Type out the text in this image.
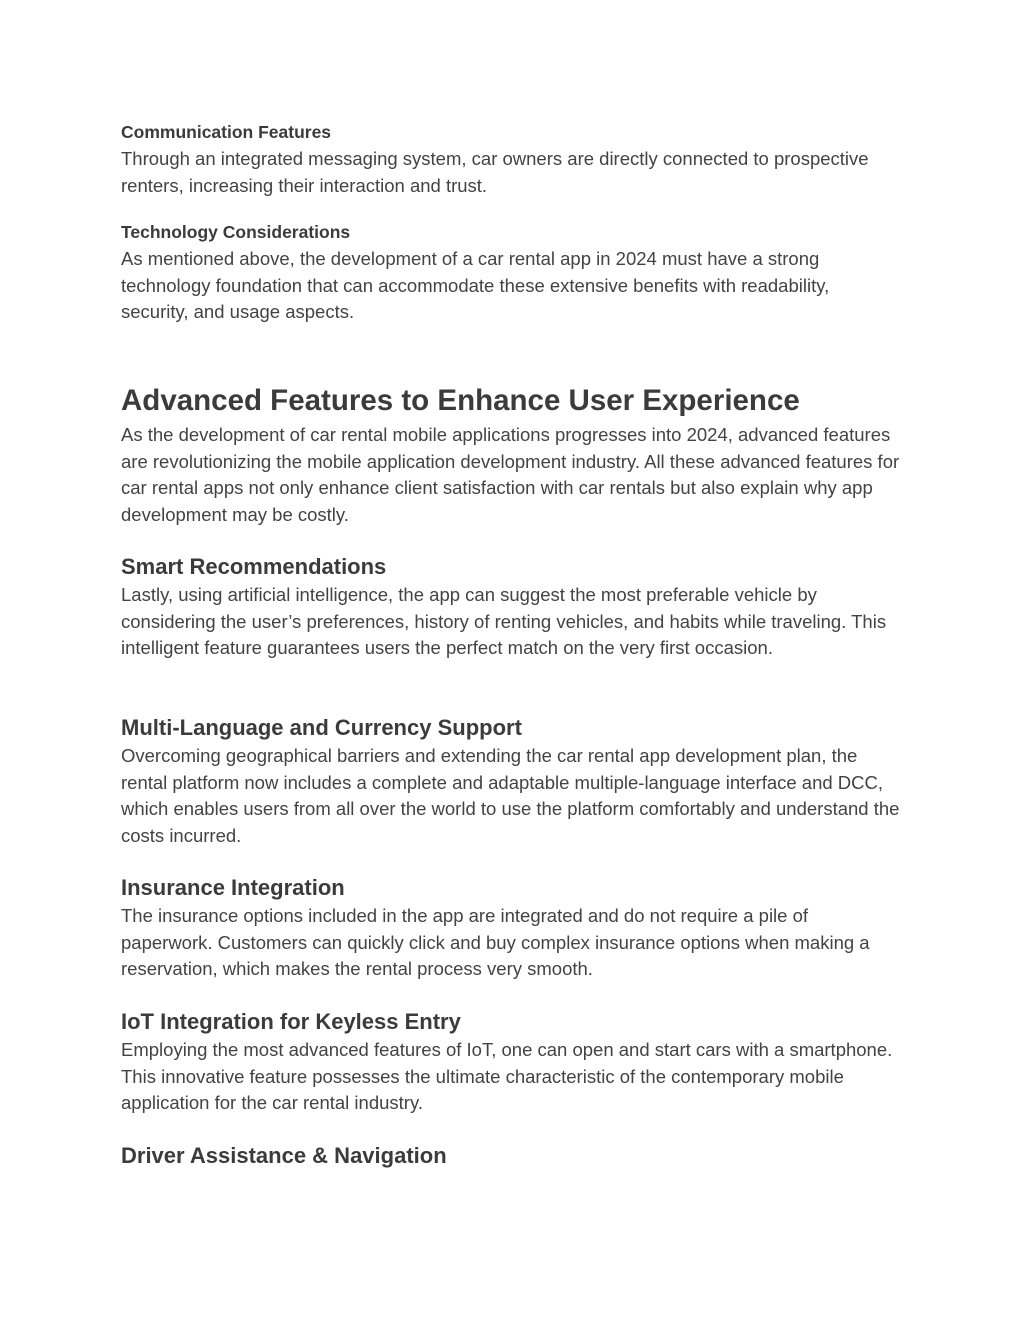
Communication Features
Through an integrated messaging system, car owners are directly connected to prospective renters, increasing their interaction and trust.
Technology Considerations
As mentioned above, the development of a car rental app in 2024 must have a strong technology foundation that can accommodate these extensive benefits with readability, security, and usage aspects.
Advanced Features to Enhance User Experience
As the development of car rental mobile applications progresses into 2024, advanced features are revolutionizing the mobile application development industry. All these advanced features for car rental apps not only enhance client satisfaction with car rentals but also explain why app development may be costly.
Smart Recommendations
Lastly, using artificial intelligence, the app can suggest the most preferable vehicle by considering the user’s preferences, history of renting vehicles, and habits while traveling. This intelligent feature guarantees users the perfect match on the very first occasion.
Multi-Language and Currency Support
Overcoming geographical barriers and extending the car rental app development plan, the rental platform now includes a complete and adaptable multiple-language interface and DCC, which enables users from all over the world to use the platform comfortably and understand the costs incurred.
Insurance Integration
The insurance options included in the app are integrated and do not require a pile of paperwork. Customers can quickly click and buy complex insurance options when making a reservation, which makes the rental process very smooth.
IoT Integration for Keyless Entry
Employing the most advanced features of IoT, one can open and start cars with a smartphone. This innovative feature possesses the ultimate characteristic of the contemporary mobile application for the car rental industry.
Driver Assistance & Navigation
